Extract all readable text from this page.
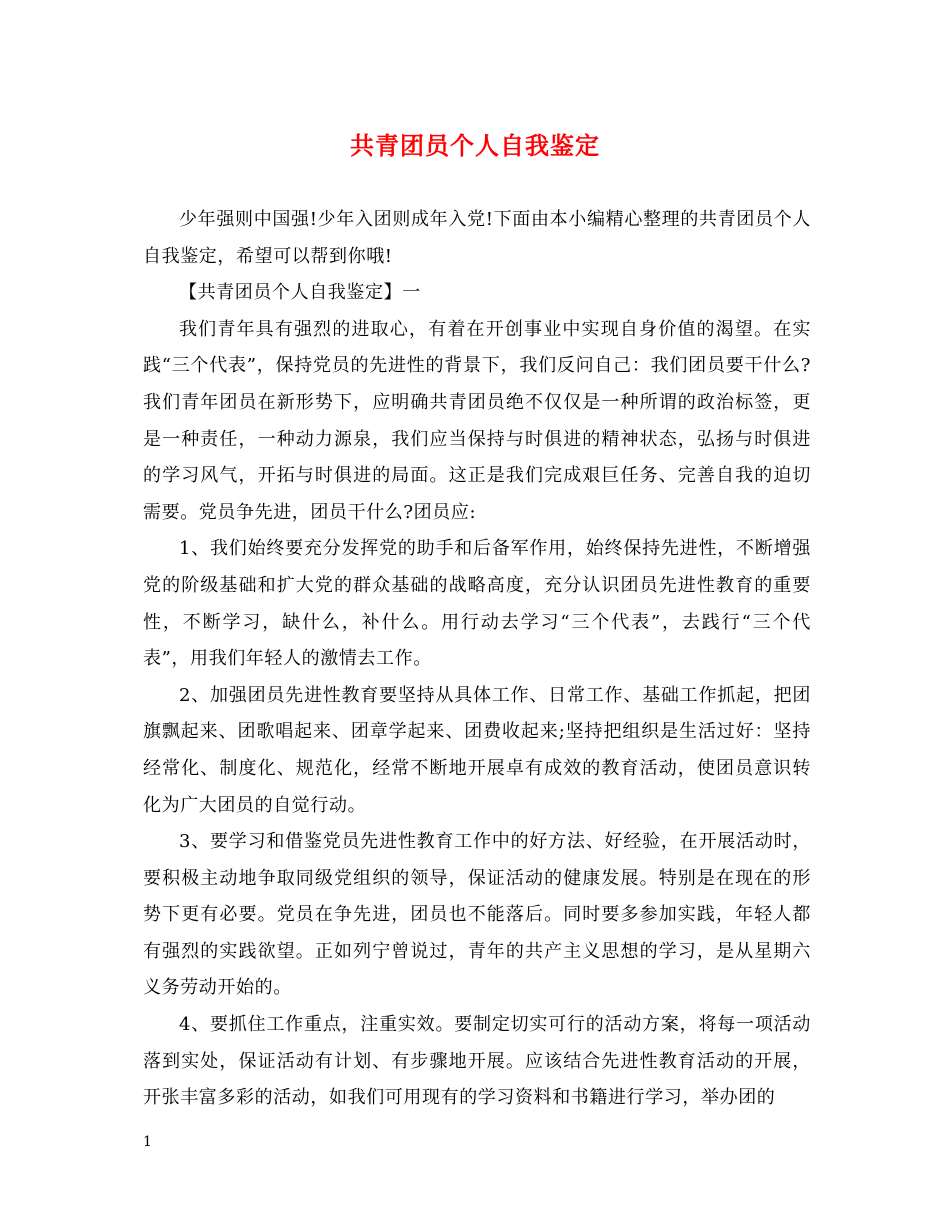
共青团员个人自我鉴定

少年强则中国强!少年入团则成年入党!下面由本小编精心整理的共青团员个人自我鉴定，希望可以帮到你哦!

【共青团员个人自我鉴定】一

我们青年具有强烈的进取心，有着在开创事业中实现自身价值的渴望。在实践“三个代表”，保持党员的先进性的背景下，我们反问自己：我们团员要干什么?我们青年团员在新形势下，应明确共青团员绝不仅仅是一种所谓的政治标签，更是一种责任，一种动力源泉，我们应当保持与时俱进的精神状态，弘扬与时俱进的学习风气，开拓与时俱进的局面。这正是我们完成艰巨任务、完善自我的迫切需要。党员争先进，团员干什么?团员应:

1、我们始终要充分发挥党的助手和后备军作用，始终保持先进性，不断增强党的阶级基础和扩大党的群众基础的战略高度，充分认识团员先进性教育的重要性，不断学习，缺什么，补什么。用行动去学习“三个代表”，去践行“三个代表”，用我们年轻人的激情去工作。

2、加强团员先进性教育要坚持从具体工作、日常工作、基础工作抓起，把团旗飘起来、团歌唱起来、团章学起来、团费收起来;坚持把组织是生活过好：坚持经常化、制度化、规范化，经常不断地开展卓有成效的教育活动，使团员意识转化为广大团员的自觉行动。

3、要学习和借鉴党员先进性教育工作中的好方法、好经验，在开展活动时，要积极主动地争取同级党组织的领导，保证活动的健康发展。特别是在现在的形势下更有必要。党员在争先进，团员也不能落后。同时要多参加实践，年轻人都有强烈的实践欲望。正如列宁曾说过，青年的共产主义思想的学习，是从星期六义务劳动开始的。

4、要抓住工作重点，注重实效。要制定切实可行的活动方案，将每一项活动落到实处，保证活动有计划、有步骤地开展。应该结合先进性教育活动的开展，开张丰富多彩的活动，如我们可用现有的学习资料和书籍进行学习，举办团的

1
